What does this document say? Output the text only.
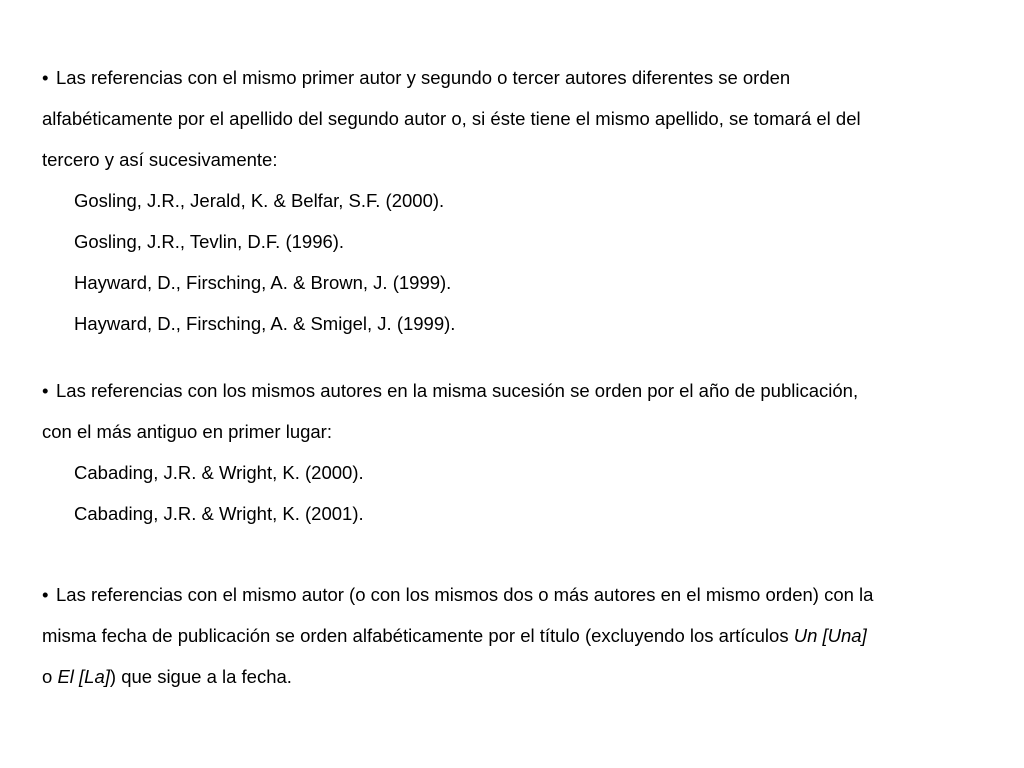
• Las referencias con el mismo primer autor y segundo o tercer autores diferentes se orden
alfabéticamente por el apellido del segundo autor o, si éste tiene el mismo apellido, se tomará el del
tercero y así sucesivamente:
Gosling, J.R., Jerald, K. & Belfar, S.F. (2000).
Gosling, J.R., Tevlin, D.F. (1996).
Hayward, D., Firsching, A. & Brown, J. (1999).
Hayward, D., Firsching, A. & Smigel, J. (1999).
• Las referencias con los mismos autores en la misma sucesión se orden por el año de publicación,
con el más antiguo en primer lugar:
Cabading, J.R. & Wright, K. (2000).
Cabading, J.R. & Wright, K. (2001).
• Las referencias con el mismo autor (o con los mismos dos o más autores en el mismo orden) con la
misma fecha de publicación se orden alfabéticamente por el título (excluyendo los artículos Un [Una]
o El [La]) que sigue a la fecha.
